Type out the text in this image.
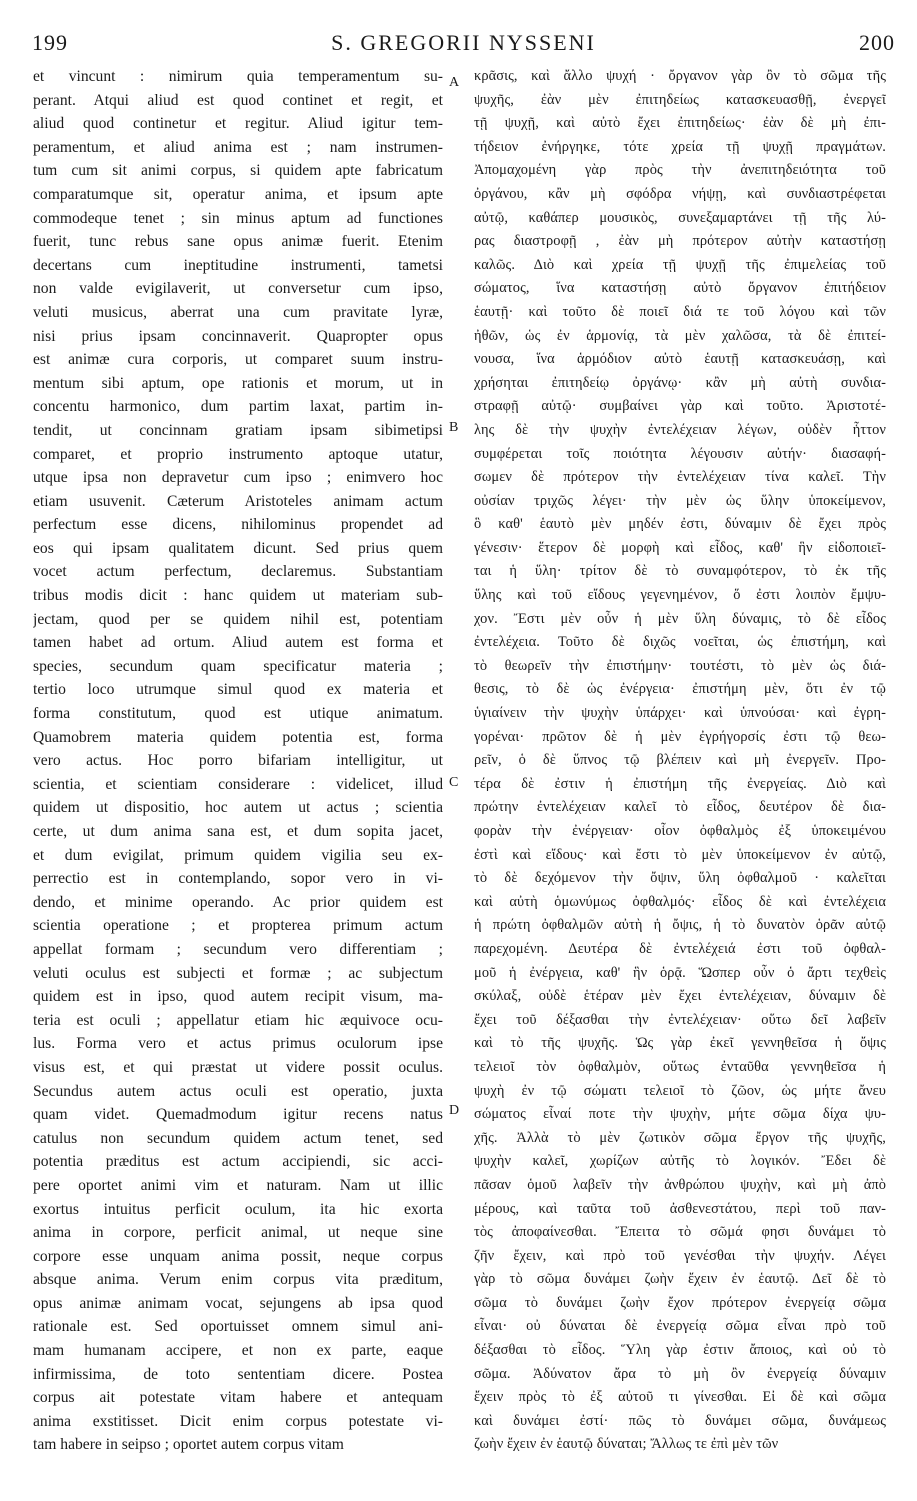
199	S. GREGORII NYSSENI	200
et vincunt : nimirum quia temperamentum su-
perant. Atqui aliud est quod continet et regit, et
aliud quod continetur et regitur. Aliud igitur tem-
peramentum, et aliud anima est ; nam instrumen-
tum cum sit animi corpus, si quidem apte fabricatum
comparatumque sit, operatur anima, et ipsum apte
commodeque tenet ; sin minus aptum ad functiones
fuerit, tunc rebus sane opus animæ fuerit. Etenim
decertans cum ineptitudine instrumenti, tametsi
non valde evigilaverit, ut conversetur cum ipso,
veluti musicus, aberrat una cum pravitate lyræ,
nisi prius ipsam concinnaverit. Quapropter opus
est animæ cura corporis, ut comparet suum instru-
mentum sibi aptum, ope rationis et morum, ut in
concentu harmonico, dum partim laxat, partim in-
tendit, ut concinnam gratiam ipsam sibimetipsi
comparet, et proprio instrumento aptoque utatur,
utque ipsa non depravetur cum ipso ; enimvero hoc
etiam usuvenit. Cæterum Aristoteles animam actum
perfectum esse dicens, nihilominus propendet ad
eos qui ipsam qualitatem dicunt. Sed prius quem
vocet actum perfectum, declaremus. Substantiam
tribus modis dicit : hanc quidem ut materiam sub-
jectam, quod per se quidem nihil est, potentiam
tamen habet ad ortum. Aliud autem est forma et
species, secundum quam specificatur materia ;
tertio loco utrumque simul quod ex materia et
forma constitutum, quod est utique animatum.
Quamobrem materia quidem potentia est, forma
vero actus. Hoc porro bifariam intelligitur, ut
scientia, et scientiam considerare : videlicet, illud
quidem ut dispositio, hoc autem ut actus ; scientia
certe, ut dum anima sana est, et dum sopita jacet,
et dum evigilat, primum quidem vigilia seu ex-
perrectio est in contemplando, sopor vero in vi-
dendo, et minime operando. Ac prior quidem est
scientia operatione ; et propterea primum actum
appellat formam ; secundum vero differentiam ;
veluti oculus est subjecti et formæ ; ac subjectum
quidem est in ipso, quod autem recipit visum, ma-
teria est oculi ; appellatur etiam hic æquivoce ocu-
lus. Forma vero et actus primus oculorum ipse
visus est, et qui præstat ut videre possit oculus.
Secundus autem actus oculi est operatio, juxta
quam videt. Quemadmodum igitur recens natus
catulus non secundum quidem actum tenet, sed
potentia præditus est actum accipiendi, sic acci-
pere oportet animi vim et naturam. Nam ut illic
exortus intuitus perficit oculum, ita hic exorta
anima in corpore, perficit animal, ut neque sine
corpore esse unquam anima possit, neque corpus
absque anima. Verum enim corpus vita præditum,
opus animæ animam vocat, sejungens ab ipsa quod
rationale est. Sed oportuisset omnem simul ani-
mam humanam accipere, et non ex parte, eaque
infirmissima, de toto sententiam dicere. Postea
corpus ait potestate vitam habere et antequam
anima exstitisset. Dicit enim corpus potestate vi-
tam habere in seipso ; oportet autem corpus vitam
A
B
C
D
κρᾶσις, καὶ ἄλλο ψυχή · ὄργανον γὰρ ὂν τὸ σῶμα τῆς
ψυχῆς, ἐὰν μὲν ἐπιτηδείως κατασκευασθῇ, ἐνεργεῖ
τῇ ψυχῇ, καὶ αὐτὸ ἔχει ἐπιτηδείως· ἐὰν δὲ μὴ ἐπι-
τήδειον ἐνήργηκε, τότε χρεία τῇ ψυχῇ πραγμάτων.
Ἀπομαχομένη γὰρ πρὸς τὴν ἀνεπιτηδειότητα τοῦ
ὀργάνου, κἂν μὴ σφόδρα νήψῃ, καὶ συνδιαστρέφεται
αὐτῷ, καθάπερ μουσικὸς, συνεξαμαρτάνει τῇ τῆς λύ-
ρας διαστροφῇ , ἐὰν μὴ πρότερον αὐτὴν καταστήσῃ
καλῶς. Διὸ καὶ χρεία τῇ ψυχῇ τῆς ἐπιμελείας τοῦ
σώματος, ἵνα καταστήσῃ αὐτὸ ὄργανον ἐπιτήδειον
ἑαυτῇ· καὶ τοῦτο δὲ ποιεῖ διά τε τοῦ λόγου καὶ τῶν
ἠθῶν, ὡς ἐν ἁρμονίᾳ, τὰ μὲν χαλῶσα, τὰ δὲ ἐπιτεί-
νουσα, ἵνα ἁρμόδιον αὐτὸ ἑαυτῇ κατασκευάσῃ, καὶ
χρήσηται ἐπιτηδείῳ ὀργάνῳ· κἂν μὴ αὐτὴ συνδια-
στραφῇ αὐτῷ· συμβαίνει γὰρ καὶ τοῦτο. Ἀριστοτέ-
λης δὲ τὴν ψυχὴν ἐντελέχειαν λέγων, οὐδὲν ἧττον
συμφέρεται τοῖς ποιότητα λέγουσιν αὐτήν· διασαφή-
σωμεν δὲ πρότερον τὴν ἐντελέχειαν τίνα καλεῖ. Τὴν
οὐσίαν τριχῶς λέγει· τὴν μὲν ὡς ὕλην ὑποκείμενον,
ὃ καθ' ἑαυτὸ μὲν μηδέν ἐστι, δύναμιν δὲ ἔχει πρὸς
γένεσιν· ἕτερον δὲ μορφὴ καὶ εἶδος, καθ' ἣν εἰδοποιεῖ-
ται ἡ ὕλη· τρίτον δὲ τὸ συναμφότερον, τὸ ἐκ τῆς
ὕλης καὶ τοῦ εἴδους γεγενημένον, ὅ ἐστι λοιπὸν ἔμψυ-
χον. Ἔστι μὲν οὖν ἡ μὲν ὕλη δύναμις, τὸ δὲ εἶδος
ἐντελέχεια. Τοῦτο δὲ διχῶς νοεῖται, ὡς ἐπιστήμη, καὶ
τὸ θεωρεῖν τὴν ἐπιστήμην· τουτέστι, τὸ μὲν ὡς διά-
θεσις, τὸ δὲ ὡς ἐνέργεια· ἐπιστήμη μὲν, ὅτι ἐν τῷ
ὑγιαίνειν τὴν ψυχὴν ὑπάρχει· καὶ ὑπνούσαι· καὶ ἐγρη-
γορέναι· πρῶτον δὲ ἡ μὲν ἐγρήγορσίς ἐστι τῷ θεω-
ρεῖν, ὁ δὲ ὕπνος τῷ βλέπειν καὶ μὴ ἐνεργεῖν. Προ-
τέρα δὲ ἐστιν ἡ ἐπιστήμη τῆς ἐνεργείας. Διὸ καὶ
πρώτην ἐντελέχειαν καλεῖ τὸ εἶδος, δευτέρον δὲ δια-
φορὰν τὴν ἐνέργειαν· οἷον ὀφθαλμὸς ἐξ ὑποκειμένου
ἐστὶ καὶ εἴδους· καὶ ἔστι τὸ μὲν ὑποκείμενον ἐν αὐτῷ,
τὸ δὲ δεχόμενον τὴν ὄψιν, ὕλη ὀφθαλμοῦ · καλεῖται
καὶ αὐτὴ ὁμωνύμως ὀφθαλμός· εἶδος δὲ καὶ ἐντελέχεια
ἡ πρώτη ὀφθαλμῶν αὐτὴ ἡ ὄψις, ἡ τὸ δυνατὸν ὁρᾶν αὐτῷ
παρεχομένη. Δευτέρα δὲ ἐντελέχειά ἐστι τοῦ ὀφθαλ-
μοῦ ἡ ἐνέργεια, καθ' ἣν ὁρᾷ. Ὥσπερ οὖν ὁ ἄρτι τεχθεὶς
σκύλαξ, οὐδὲ ἑτέραν μὲν ἔχει ἐντελέχειαν, δύναμιν δὲ
ἔχει τοῦ δέξασθαι τὴν ἐντελέχειαν· οὕτω δεῖ λαβεῖν
καὶ τὸ τῆς ψυχῆς. Ὡς γὰρ ἐκεῖ γεννηθεῖσα ἡ ὄψις
τελειοῖ τὸν ὀφθαλμὸν, οὕτως ἐνταῦθα γεννηθεῖσα ἡ
ψυχὴ ἐν τῷ σώματι τελειοῖ τὸ ζῶον, ὡς μήτε ἄνευ
σώματος εἶναί ποτε τὴν ψυχὴν, μήτε σῶμα δίχα ψυ-
χῆς. Ἀλλὰ τὸ μὲν ζωτικὸν σῶμα ἔργον τῆς ψυχῆς,
ψυχὴν καλεῖ, χωρίζων αὐτῆς τὸ λογικόν. Ἔδει δὲ
πᾶσαν ὁμοῦ λαβεῖν τὴν ἀνθρώπου ψυχὴν, καὶ μὴ ἀπὸ
μέρους, καὶ ταῦτα τοῦ ἀσθενεστάτου, περὶ τοῦ παν-
τὸς ἀποφαίνεσθαι. Ἔπειτα τὸ σῶμά φησι δυνάμει τὸ
ζῆν ἔχειν, καὶ πρὸ τοῦ γενέσθαι τὴν ψυχήν. Λέγει
γὰρ τὸ σῶμα δυνάμει ζωὴν ἔχειν ἐν ἑαυτῷ. Δεῖ δὲ τὸ
σῶμα τὸ δυνάμει ζωὴν ἔχον πρότερον ἐνεργείᾳ σῶμα
εἶναι· οὐ δύναται δὲ ἐνεργείᾳ σῶμα εἶναι πρὸ τοῦ
δέξασθαι τὸ εἶδος. Ὕλη γὰρ ἐστιν ἄποιος, καὶ οὐ τὸ
σῶμα. Ἀδύνατον ἄρα τὸ μὴ ὂν ἐνεργείᾳ δύναμιν
ἔχειν πρὸς τὸ ἐξ αὐτοῦ τι γίνεσθαι. Εἰ δὲ καὶ σῶμα
καὶ δυνάμει ἐστί· πῶς τὸ δυνάμει σῶμα, δυνάμεως
ζωὴν ἔχειν ἐν ἑαυτῷ δύναται; Ἄλλως τε ἐπὶ μὲν τῶν
